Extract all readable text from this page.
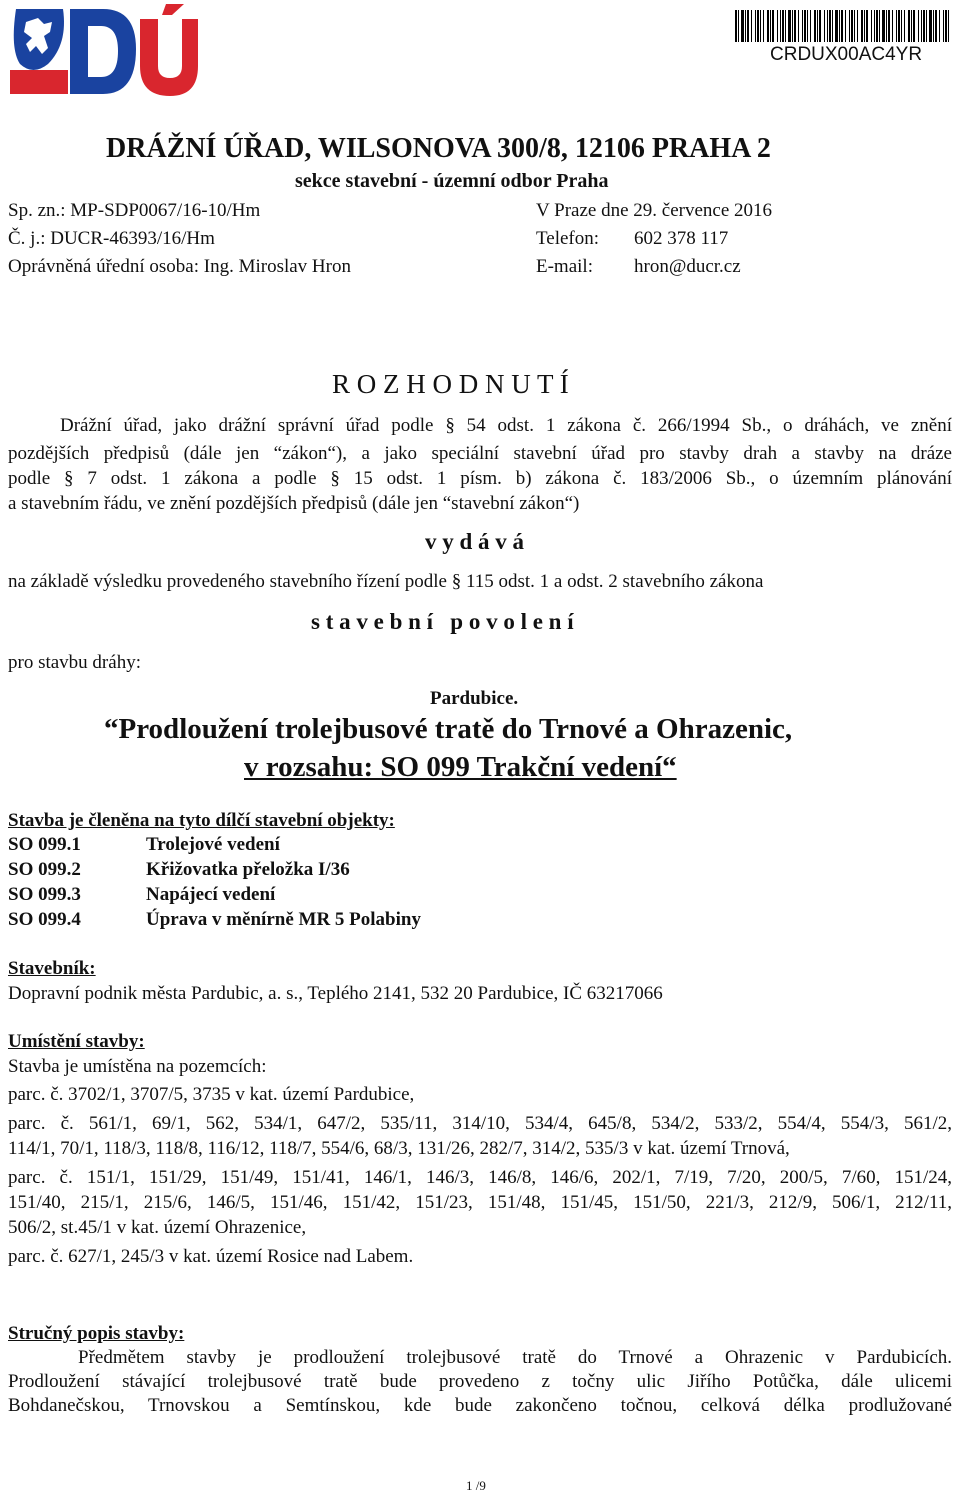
CRDUX00AC4YR
DRÁŽNÍ ÚŘAD, WILSONOVA 300/8, 12106 PRAHA 2
sekce stavební - územní odbor Praha
Sp. zn.: MP-SDP0067/16-10/Hm
Č. j.: DUCR-46393/16/Hm
Oprávněná úřední osoba: Ing. Miroslav Hron
V Praze dne 29. července 2016
Telefon: 602 378 117
E-mail: hron@ducr.cz
R O Z H O D N U T Í
Drážní úřad, jako drážní správní úřad podle § 54 odst. 1 zákona č. 266/1994 Sb., o dráhách, ve znění
pozdějších předpisů (dále jen “zákon“), a jako speciální stavební úřad pro stavby drah a stavby na dráze
podle § 7 odst. 1 zákona a podle § 15 odst. 1 písm. b) zákona č. 183/2006 Sb., o územním plánování
a stavebním řádu, ve znění pozdějších předpisů (dále jen “stavební zákon“)
v y d á v á
na základě výsledku provedeného stavebního řízení podle § 115 odst. 1 a odst. 2 stavebního zákona
s t a v e b n í   p o v o l e n í
pro stavbu dráhy:
Pardubice.
“Prodloužení trolejbusové tratě do Trnové a Ohrazenic,
v rozsahu: SO 099 Trakční vedení“
Stavba je členěna na tyto dílčí stavební objekty:
SO 099.1	Trolejové vedení
SO 099.2	Křižovatka přeložka I/36
SO 099.3	Napájecí vedení
SO 099.4	Úprava v měnírně MR 5 Polabiny
Stavebník:
Dopravní podnik města Pardubic, a. s., Teplého 2141, 532 20 Pardubice, IČ 63217066
Umístění stavby:
Stavba je umístěna na pozemcích:
parc. č. 3702/1, 3707/5, 3735 v kat. území Pardubice,
parc. č. 561/1, 69/1, 562, 534/1, 647/2, 535/11, 314/10, 534/4, 645/8, 534/2, 533/2, 554/4, 554/3, 561/2,
114/1, 70/1, 118/3, 118/8, 116/12, 118/7, 554/6, 68/3, 131/26, 282/7, 314/2, 535/3 v kat. území Trnová,
parc. č. 151/1, 151/29, 151/49, 151/41, 146/1, 146/3, 146/8, 146/6, 202/1, 7/19, 7/20, 200/5, 7/60, 151/24,
151/40, 215/1, 215/6, 146/5, 151/46, 151/42, 151/23, 151/48, 151/45, 151/50, 221/3, 212/9, 506/1, 212/11,
506/2, st.45/1 v kat. území Ohrazenice,
parc. č. 627/1, 245/3 v kat. území Rosice nad Labem.
Stručný popis stavby:
Předmětem stavby je prodloužení trolejbusové tratě do Trnové a Ohrazenic v Pardubicích.
Prodloužení stávající trolejbusové tratě bude provedeno z točny ulic Jiřího Potůčka, dále ulicemi
Bohdanečskou, Trnovskou a Semtínskou, kde bude zakončeno točnou, celková délka prodlužované
1 /9
